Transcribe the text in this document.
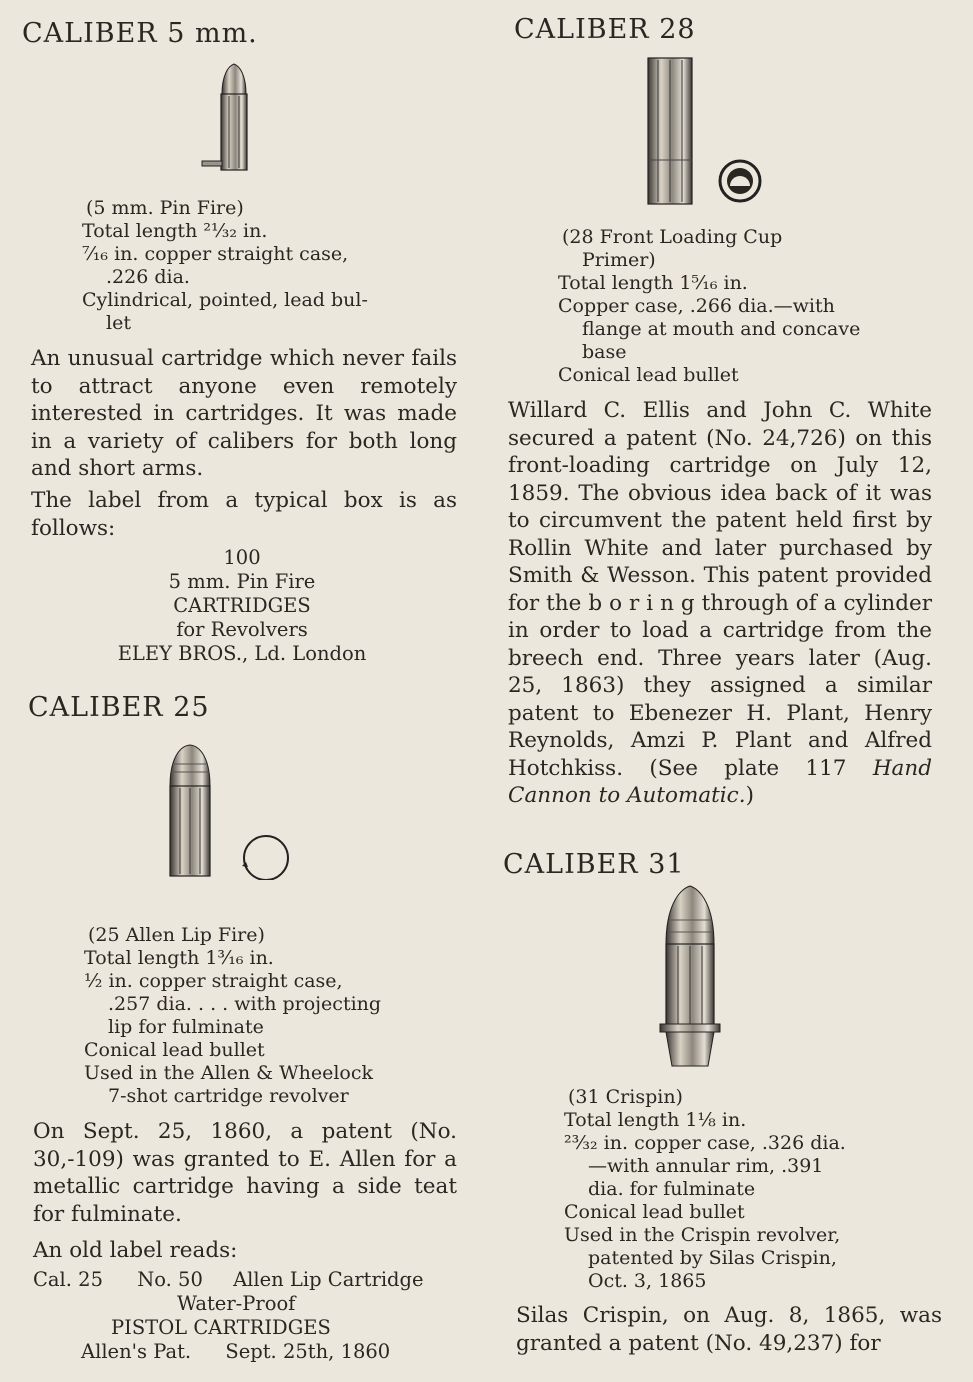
CALIBER 5 mm.
(5 mm. Pin Fire)
Total length ²¹⁄₃₂ in.
⁷⁄₁₆ in. copper straight case,
.226 dia.
Cylindrical, pointed, lead bul-
let

An unusual cartridge which never fails to attract anyone even remotely interested in cartridges. It was made in a variety of calibers for both long and short arms.

The label from a typical box is as follows:

100
5 mm. Pin Fire
CARTRIDGES
for Revolvers
ELEY BROS., Ld. London
CALIBER 25
(25 Allen Lip Fire)
Total length 1³⁄₁₆ in.
½ in. copper straight case,
.257 dia. . . . with projecting
lip for fulminate
Conical lead bullet
Used in the Allen & Wheelock
7-shot cartridge revolver

On Sept. 25, 1860, a patent (No. 30,-109) was granted to E. Allen for a metallic cartridge having a side teat for fulminate.

An old label reads:

Cal. 25 No. 50 Allen Lip Cartridge
Water-Proof
PISTOL CARTRIDGES
Allen's Pat. Sept. 25th, 1860
CALIBER 28
(28 Front Loading Cup
Primer)
Total length 1⁵⁄₁₆ in.
Copper case, .266 dia.—with
flange at mouth and concave
base
Conical lead bullet
Willard C. Ellis and John C. White secured a patent (No. 24,726) on this front-loading cartridge on July 12, 1859. The obvious idea back of it was to circumvent the patent held first by Rollin White and later purchased by Smith & Wesson. This patent provided for the b o r i n g through of a cylinder in order to load a cartridge from the breech end. Three years later (Aug. 25, 1863) they assigned a similar patent to Ebenezer H. Plant, Henry Reynolds, Amzi P. Plant and Alfred Hotchkiss. (See plate 117 Hand Cannon to Automatic.)
CALIBER 31
(31 Crispin)
Total length 1⅛ in.
²³⁄₃₂ in. copper case, .326 dia.
—with annular rim, .391
dia. for fulminate
Conical lead bullet
Used in the Crispin revolver,
patented by Silas Crispin,
Oct. 3, 1865

Silas Crispin, on Aug. 8, 1865, was granted a patent (No. 49,237) for
